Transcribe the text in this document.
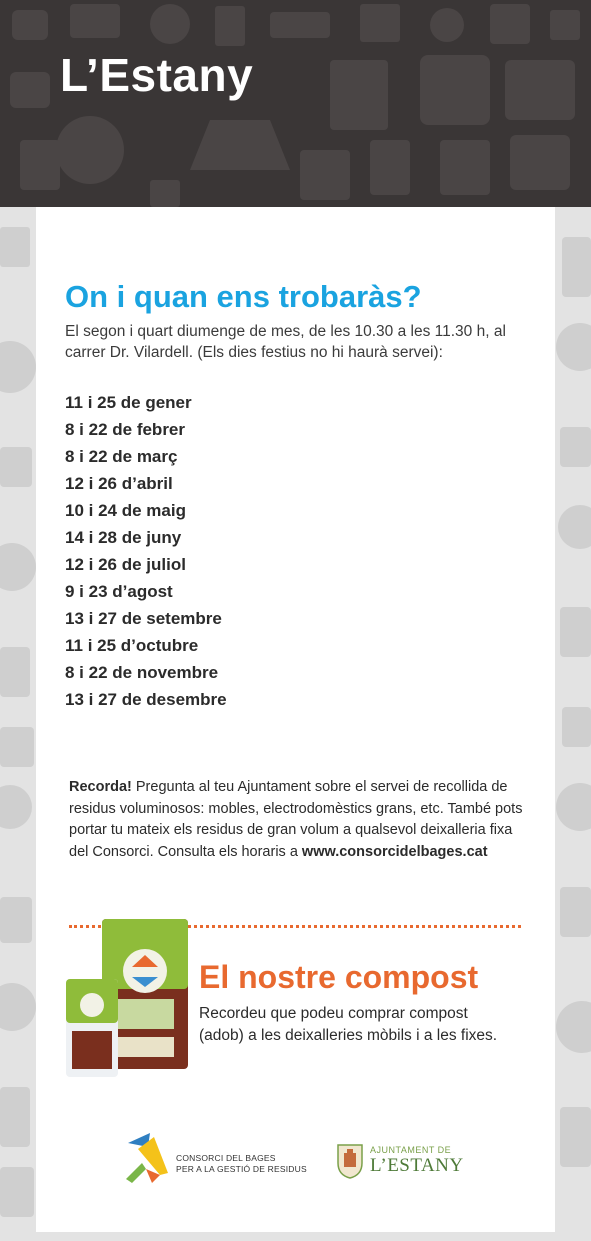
L’Estany
On i quan ens trobaràs?
El segon i quart diumenge de mes, de les 10.30 a les 11.30 h, al carrer Dr. Vilardell. (Els dies festius no hi haurà servei):
11 i 25 de gener
8 i 22 de febrer
8 i 22 de març
12 i 26 d’abril
10 i 24 de maig
14 i 28 de juny
12 i 26 de juliol
9 i 23 d’agost
13 i 27 de setembre
11 i 25 d’octubre
8 i 22 de novembre
13 i 27 de desembre
Recorda! Pregunta al teu Ajuntament sobre el servei de recollida de residus voluminosos: mobles, electrodomèstics grans, etc. També pots portar tu mateix els residus de gran volum a qualsevol deixalleria fixa del Consorci. Consulta els horaris a www.consorcidelbages.cat
El nostre compost
Recordeu que podeu comprar compost (adob) a les deixalleries mòbils i a les fixes.
CONSORCI DEL BAGES
PER A LA GESTIÓ DE RESIDUS
AJUNTAMENT DE
L’ESTANY
